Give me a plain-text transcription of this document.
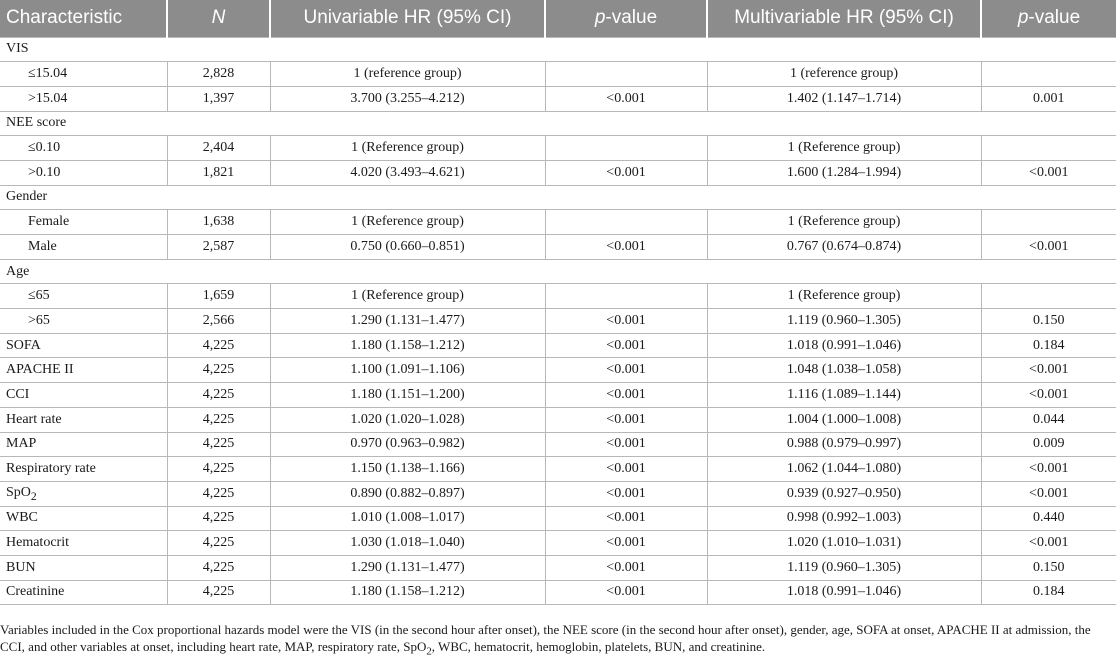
Characteristic	N	Univariable HR (95% CI)	p-value	Multivariable HR (95% CI)	p-value
VIS					
≤15.04	2,828	1 (reference group)		1 (reference group)	
>15.04	1,397	3.700 (3.255–4.212)	<0.001	1.402 (1.147–1.714)	0.001
NEE score					
≤0.10	2,404	1 (Reference group)		1 (Reference group)	
>0.10	1,821	4.020 (3.493–4.621)	<0.001	1.600 (1.284–1.994)	<0.001
Gender					
Female	1,638	1 (Reference group)		1 (Reference group)	
Male	2,587	0.750 (0.660–0.851)	<0.001	0.767 (0.674–0.874)	<0.001
Age					
≤65	1,659	1 (Reference group)		1 (Reference group)	
>65	2,566	1.290 (1.131–1.477)	<0.001	1.119 (0.960–1.305)	0.150
SOFA	4,225	1.180 (1.158–1.212)	<0.001	1.018 (0.991–1.046)	0.184
APACHE II	4,225	1.100 (1.091–1.106)	<0.001	1.048 (1.038–1.058)	<0.001
CCI	4,225	1.180 (1.151–1.200)	<0.001	1.116 (1.089–1.144)	<0.001
Heart rate	4,225	1.020 (1.020–1.028)	<0.001	1.004 (1.000–1.008)	0.044
MAP	4,225	0.970 (0.963–0.982)	<0.001	0.988 (0.979–0.997)	0.009
Respiratory rate	4,225	1.150 (1.138–1.166)	<0.001	1.062 (1.044–1.080)	<0.001
SpO$_2$	4,225	0.890 (0.882–0.897)	<0.001	0.939 (0.927–0.950)	<0.001
WBC	4,225	1.010 (1.008–1.017)	<0.001	0.998 (0.992–1.003)	0.440
Hematocrit	4,225	1.030 (1.018–1.040)	<0.001	1.020 (1.010–1.031)	<0.001
BUN	4,225	1.290 (1.131–1.477)	<0.001	1.119 (0.960–1.305)	0.150
Creatinine	4,225	1.180 (1.158–1.212)	<0.001	1.018 (0.991–1.046)	0.184
Variables included in the Cox proportional hazards model were the VIS (in the second hour after onset), the NEE score (in the second hour after onset), gender, age, SOFA at onset, APACHE II at admission, the CCI, and other variables at onset, including heart rate, MAP, respiratory rate, SpO$_2$, WBC, hematocrit, hemoglobin, platelets, BUN, and creatinine.
